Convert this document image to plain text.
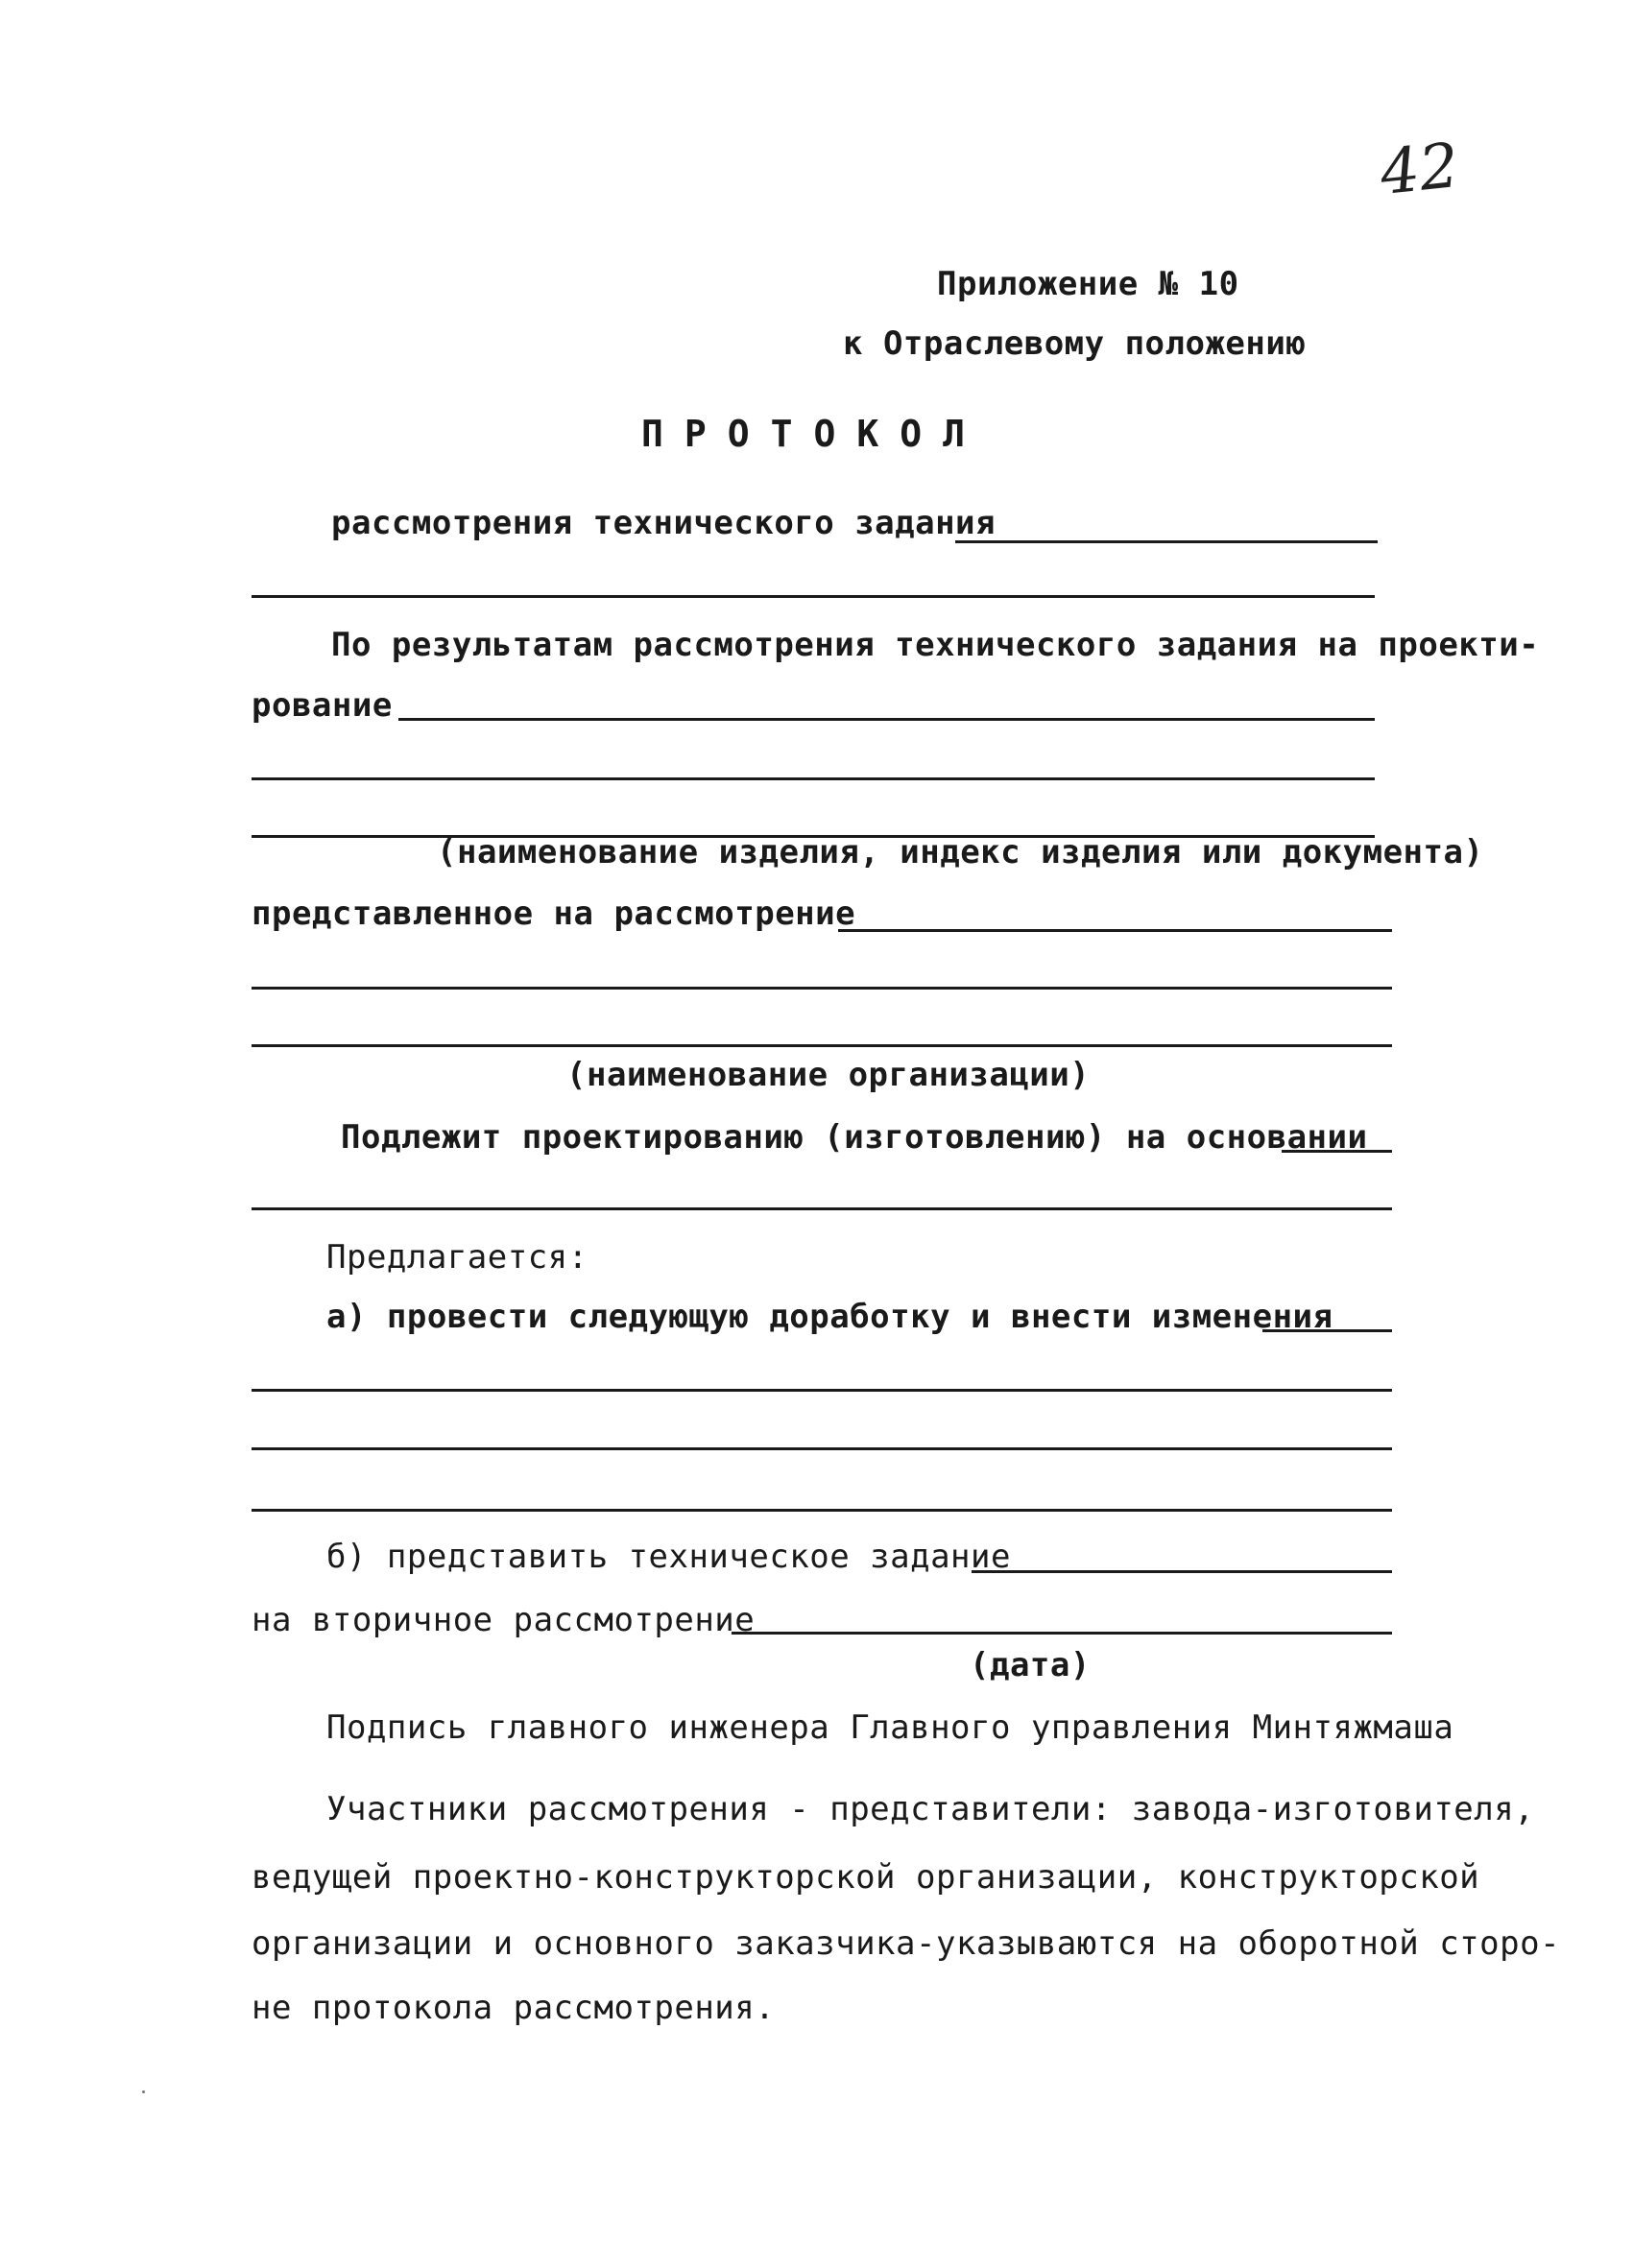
42
Приложение № 10
к Отраслевому положению
ПРОТОКОЛ
рассмотрения технического задания
По результатам рассмотрения технического задания на проекти-
рование
(наименование изделия, индекс изделия или документа)
представленное на рассмотрение
(наименование организации)
Подлежит проектированию (изготовлению) на основании
Предлагается:
а) провести следующую доработку и внести изменения
б) представить техническое задание
на вторичное рассмотрение
(дата)
Подпись главного инженера Главного управления Минтяжмаша
Участники рассмотрения - представители: завода-изготовителя,
ведущей проектно-конструкторской организации, конструкторской
организации и основного заказчика-указываются на оборотной сторо-
не протокола рассмотрения.
